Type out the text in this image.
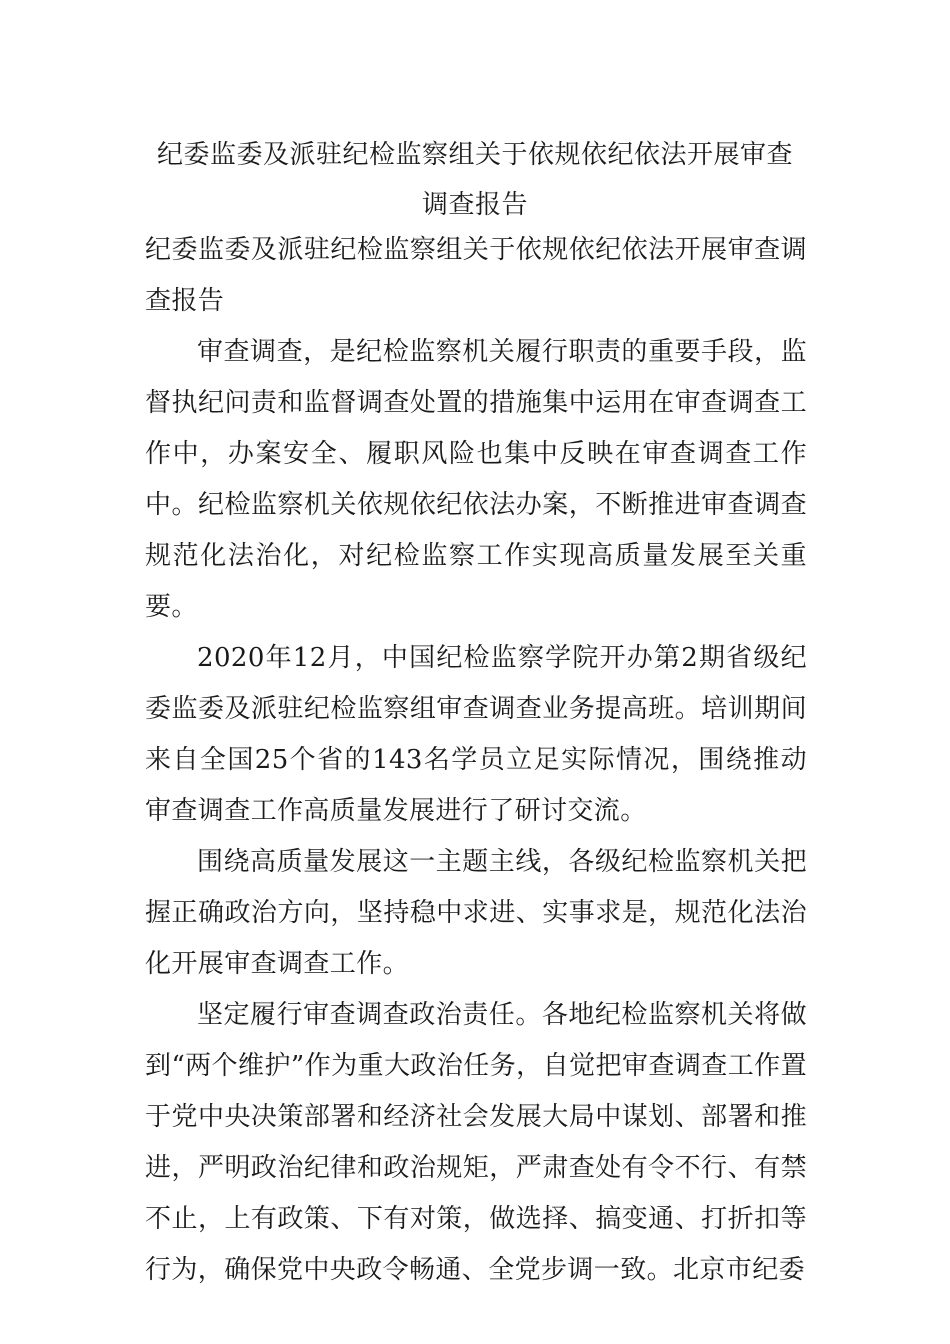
纪委监委及派驻纪检监察组关于依规依纪依法开展审查调查报告

纪委监委及派驻纪检监察组关于依规依纪依法开展审查调查报告

审查调查，是纪检监察机关履行职责的重要手段，监督执纪问责和监督调查处置的措施集中运用在审查调查工作中，办案安全、履职风险也集中反映在审查调查工作中。纪检监察机关依规依纪依法办案，不断推进审查调查规范化法治化，对纪检监察工作实现高质量发展至关重要。

2020年12月，中国纪检监察学院开办第2期省级纪委监委及派驻纪检监察组审查调查业务提高班。培训期间来自全国25个省的143名学员立足实际情况，围绕推动审查调查工作高质量发展进行了研讨交流。

围绕高质量发展这一主题主线，各级纪检监察机关把握正确政治方向，坚持稳中求进、实事求是，规范化法治化开展审查调查工作。

坚定履行审查调查政治责任。各地纪检监察机关将做到“两个维护”作为重大政治任务，自觉把审查调查工作置于党中央决策部署和经济社会发展大局中谋划、部署和推进，严明政治纪律和政治规矩，严肃查处有令不行、有禁不止，上有政策、下有对策，做选择、搞变通、打折扣等行为，确保党中央政令畅通、全党步调一致。北京市纪委
